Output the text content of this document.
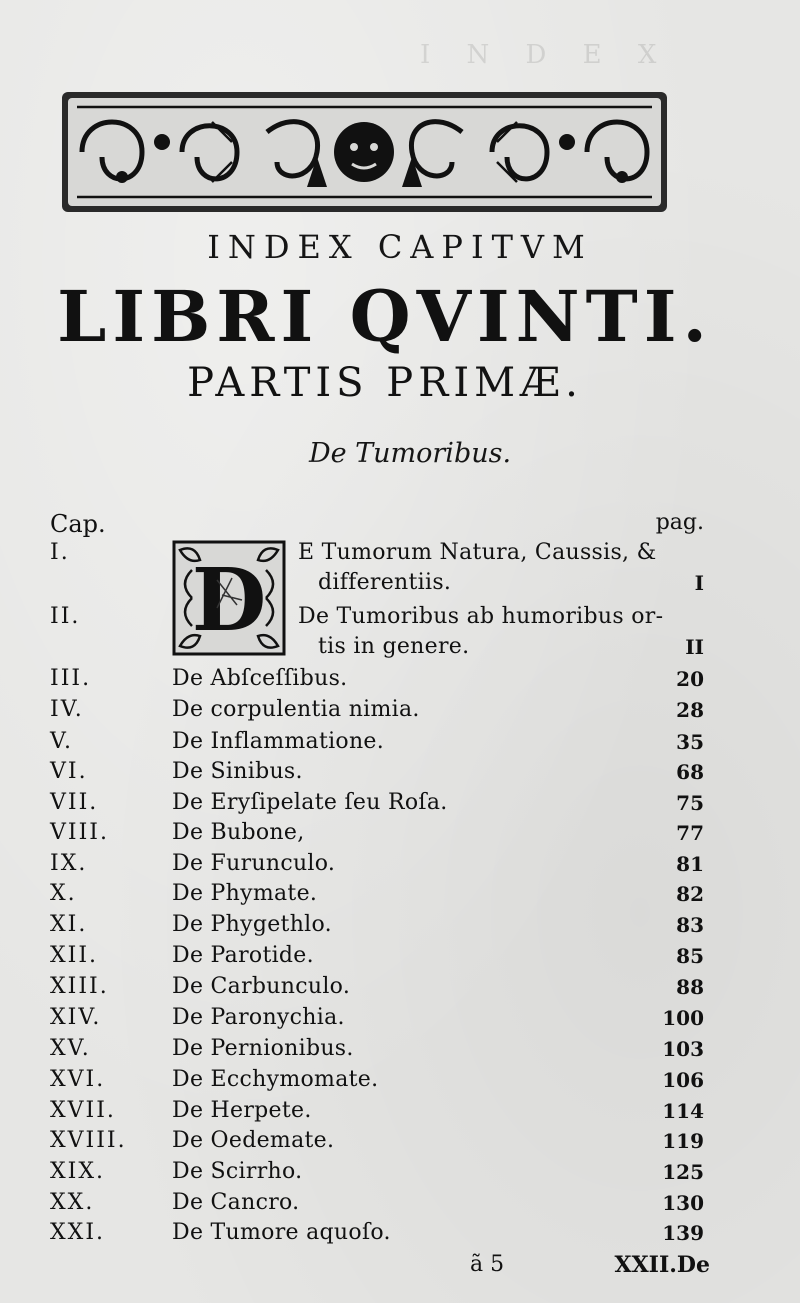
I N D E X
INDEX CAPITVM
LIBRI QVINTI.
PARTIS PRIMÆ.
De Tumoribus.
Cap.	pag.
D
I.	E Tumorum Natura, Caussis, &
differentiis.	I
II.	De Tumoribus ab humoribus or-
tis in genere.	II
III.	De Abſceſſibus.	20
IV.	De corpulentia nimia.	28
V.	De Inflammatione.	35
VI.	De Sinibus.	68
VII.	De Eryſipelate ſeu Roſa.	75
VIII.	De Bubone,	77
IX.	De Furunculo.	81
X.	De Phymate.	82
XI.	De Phygethlo.	83
XII.	De Parotide.	85
XIII.	De Carbunculo.	88
XIV.	De Paronychia.	100
XV.	De Pernionibus.	103
XVI.	De Ecchymomate.	106
XVII.	De Herpete.	114
XVIII. De Oedemate.	119
XIX.	De Scirrho.	125
XX.	De Cancro.	130
XXI.	De Tumore aquoſo.	139
ã 5	XXII.De
